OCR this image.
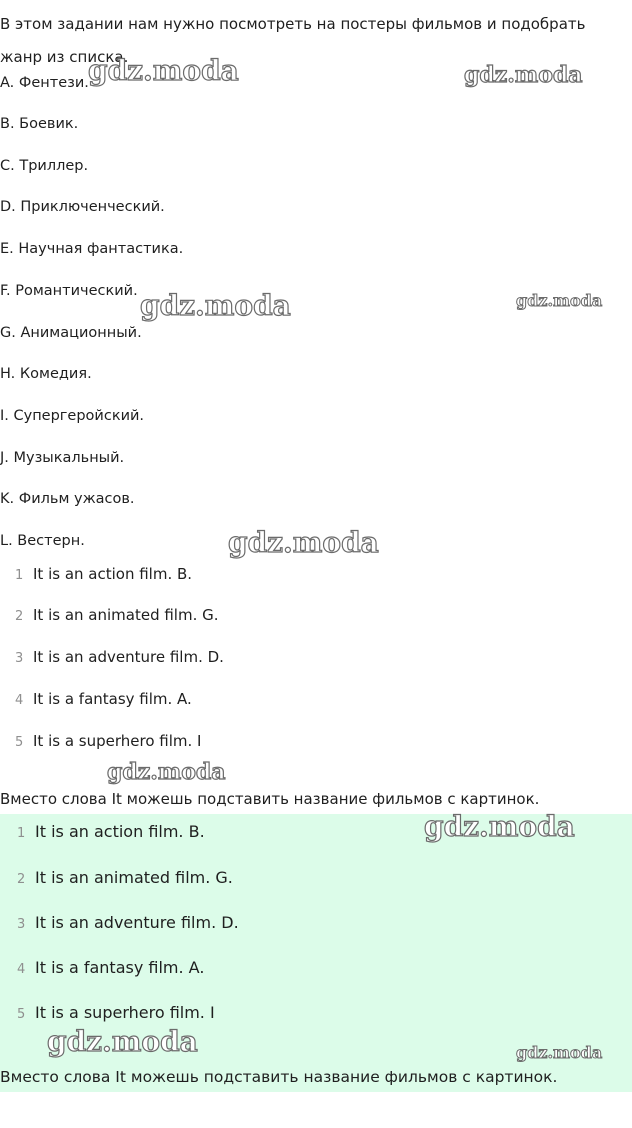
В этом задании нам нужно посмотреть на постеры фильмов и подобрать жанр из списка.
A. Фентези.
B. Боевик.
C. Триллер.
D. Приключенческий.
E. Научная фантастика.
F. Романтический.
G. Анимационный.
H. Комедия.
I. Супергеройский.
J. Музыкальный.
K. Фильм ужасов.
L. Вестерн.
1 It is an action film. B.
2 It is an animated film. G.
3 It is an adventure film. D.
4 It is a fantasy film. A.
5 It is a superhero film. I
Вместо слова It можешь подставить название фильмов с картинок.
1 It is an action film. B.
2 It is an animated film. G.
3 It is an adventure film. D.
4 It is a fantasy film. A.
5 It is a superhero film. I
Вместо слова It можешь подставить название фильмов с картинок.
gdz.moda	gdz.moda
gdz.moda	gdz.moda
gdz.moda
gdz.moda
gdz.moda
gdz.moda	gdz.moda
